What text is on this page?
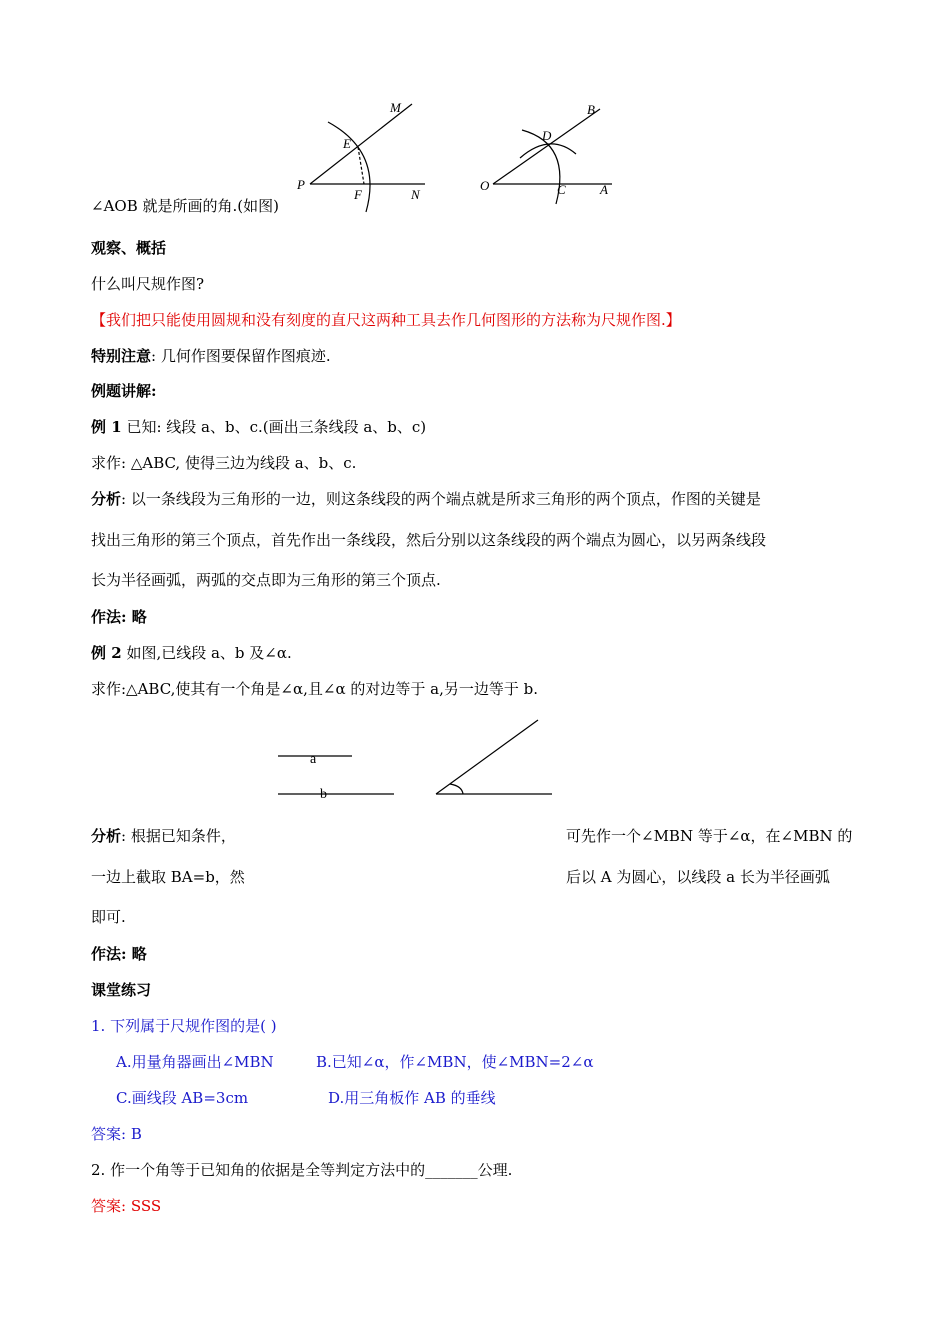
M
E
P
F	N
B
D
O	C	A
∠AOB 就是所画的角.(如图)
观察、概括
什么叫尺规作图?
【我们把只能使用圆规和没有刻度的直尺这两种工具去作几何图形的方法称为尺规作图.】
特别注意: 几何作图要保留作图痕迹.
例题讲解:
例 1 已知: 线段 a、b、c.(画出三条线段 a、b、c)
求作: △ABC, 使得三边为线段 a、b、c.
分析: 以一条线段为三角形的一边，则这条线段的两个端点就是所求三角形的两个顶点，作图的关键是
找出三角形的第三个顶点，首先作出一条线段，然后分别以这条线段的两个端点为圆心，以另两条线段
长为半径画弧，两弧的交点即为三角形的第三个顶点.
作法: 略
例 2 如图,已线段 a、b 及∠α.
求作:△ABC,使其有一个角是∠α,且∠α 的对边等于 a,另一边等于 b.
a
b
分析: 根据已知条件，	可先作一个∠MBN 等于∠α，在∠MBN 的
一边上截取 BA=b，然	后以 A 为圆心，以线段 a 长为半径画弧
即可.
作法: 略
课堂练习
1. 下列属于尺规作图的是( )
A.用量角器画出∠MBN	B.已知∠α，作∠MBN，使∠MBN=2∠α
C.画线段 AB=3cm	D.用三角板作 AB 的垂线
答案: B
2. 作一个角等于已知角的依据是全等判定方法中的_______公理.
答案: SSS
